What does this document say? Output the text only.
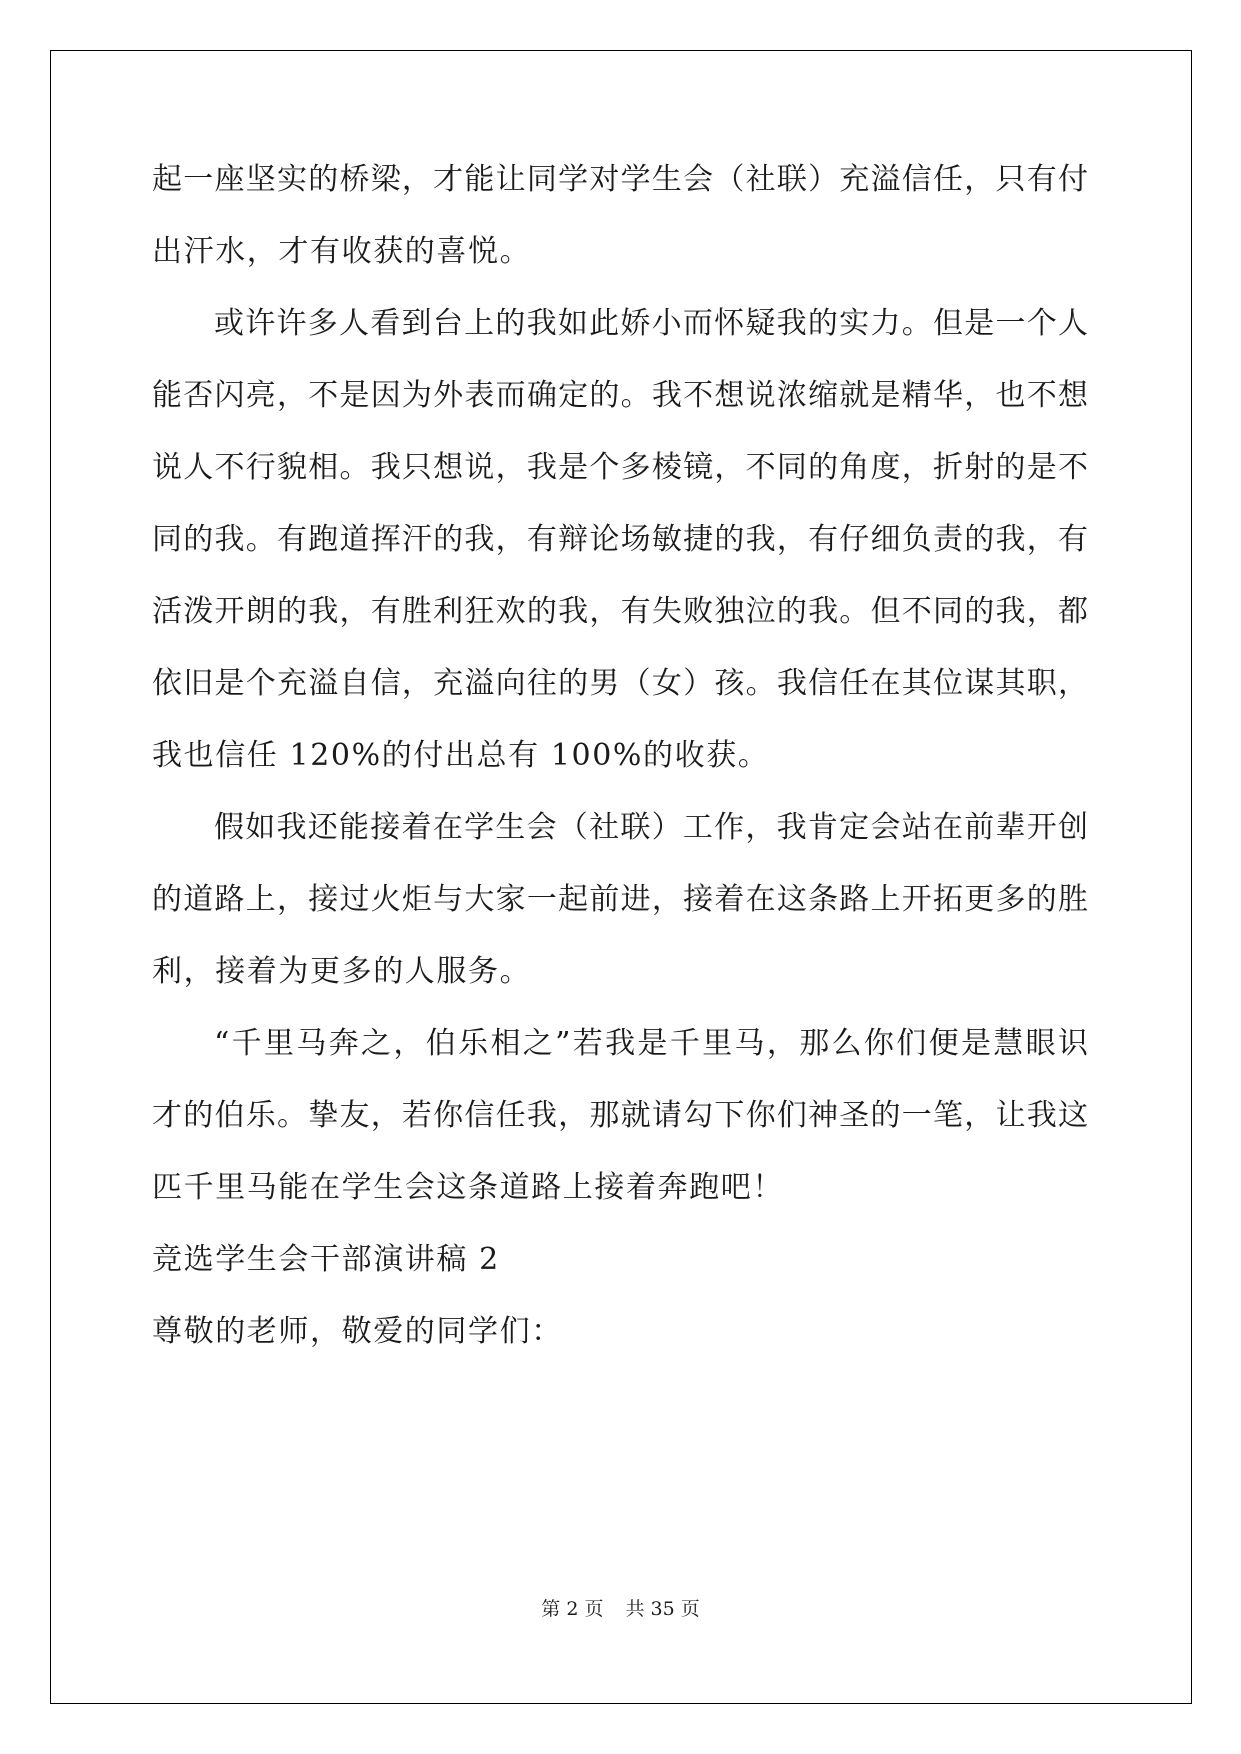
起一座坚实的桥梁，才能让同学对学生会（社联）充溢信任，只有付
出汗水，才有收获的喜悦。
或许许多人看到台上的我如此娇小而怀疑我的实力。但是一个人
能否闪亮，不是因为外表而确定的。我不想说浓缩就是精华，也不想
说人不行貌相。我只想说，我是个多棱镜，不同的角度，折射的是不
同的我。有跑道挥汗的我，有辩论场敏捷的我，有仔细负责的我，有
活泼开朗的我，有胜利狂欢的我，有失败独泣的我。但不同的我，都
依旧是个充溢自信，充溢向往的男（女）孩。我信任在其位谋其职，
我也信任 120%的付出总有 100%的收获。
假如我还能接着在学生会（社联）工作，我肯定会站在前辈开创
的道路上，接过火炬与大家一起前进，接着在这条路上开拓更多的胜
利，接着为更多的人服务。
“千里马奔之，伯乐相之”若我是千里马，那么你们便是慧眼识
才的伯乐。挚友，若你信任我，那就请勾下你们神圣的一笔，让我这
匹千里马能在学生会这条道路上接着奔跑吧！
竞选学生会干部演讲稿 2
尊敬的老师，敬爱的同学们：
第 2 页 共 35 页
